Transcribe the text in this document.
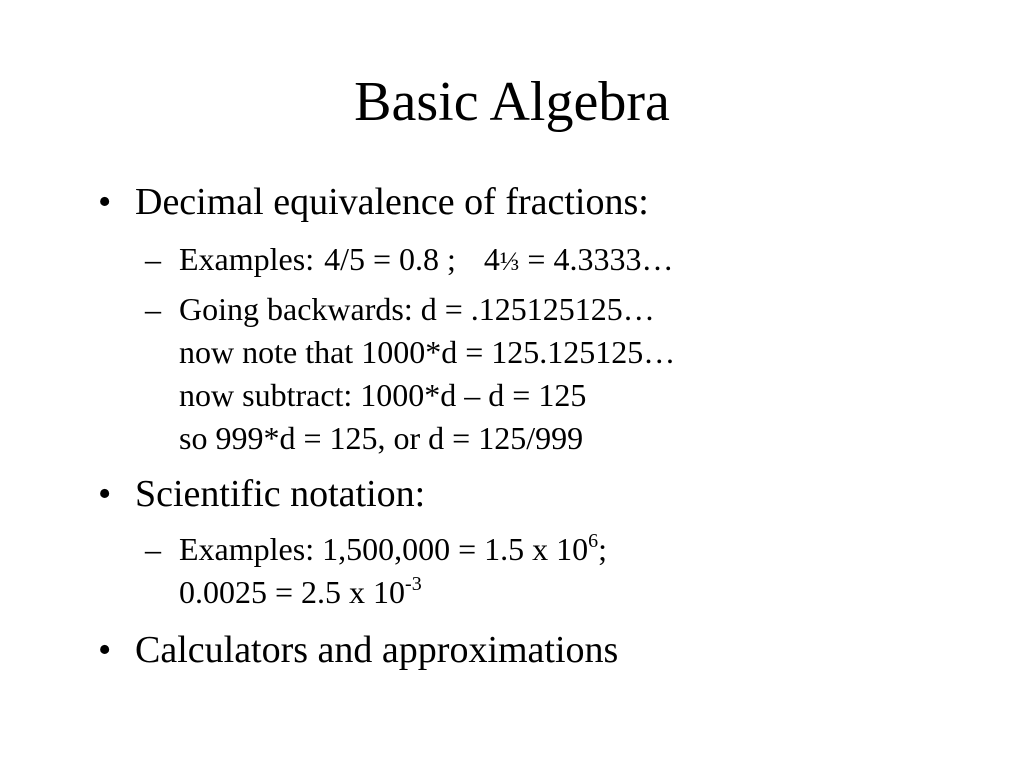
Basic Algebra
• Decimal equivalence of fractions:
– Examples: 4/5 = 0.8 ; 4⅓ = 4.3333…
– Going backwards: d = .125125125…
now note that 1000*d = 125.125125…
now subtract: 1000*d – d = 125
so 999*d = 125, or d = 125/999
• Scientific notation:
– Examples: 1,500,000 = 1.5 x $10^6$;
0.0025 = 2.5 x $10^{-3}$
• Calculators and approximations
